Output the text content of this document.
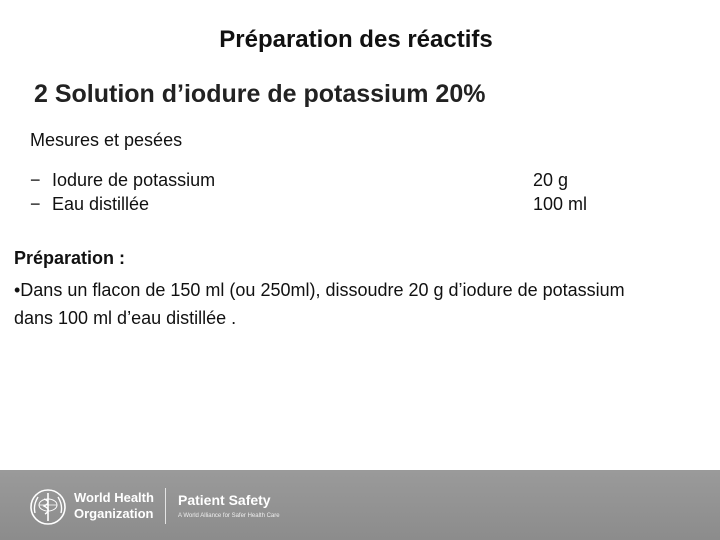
Préparation des réactifs
2 Solution d’iodure de potassium 20%
Mesures et pesées
− Iodure de potassium	20 g
− Eau distillée	100 ml
Préparation :
•Dans un flacon de 150 ml (ou 250ml), dissoudre 20 g d’iodure de potassium
dans 100 ml d’eau distillée .
World Health
Organization
Patient Safety
A World Alliance for Safer Health Care
